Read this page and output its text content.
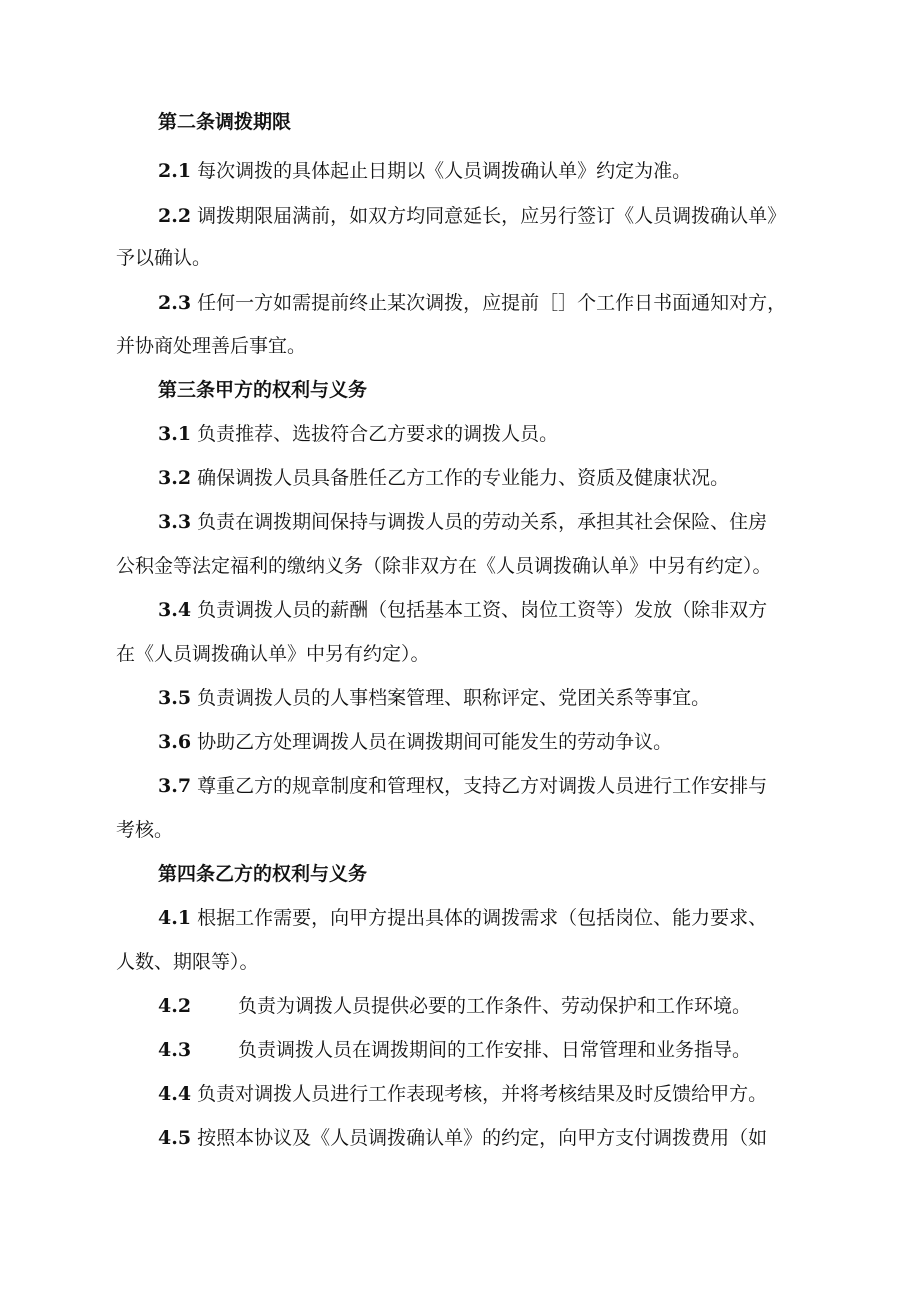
第二条调拨期限
2.1 每次调拨的具体起止日期以《人员调拨确认单》约定为准。
2.2 调拨期限届满前，如双方均同意延长，应另行签订《人员调拨确认单》
予以确认。
2.3 任何一方如需提前终止某次调拨，应提前［］个工作日书面通知对方，
并协商处理善后事宜。
第三条甲方的权利与义务
3.1 负责推荐、选拔符合乙方要求的调拨人员。
3.2 确保调拨人员具备胜任乙方工作的专业能力、资质及健康状况。
3.3 负责在调拨期间保持与调拨人员的劳动关系，承担其社会保险、住房
公积金等法定福利的缴纳义务（除非双方在《人员调拨确认单》中另有约定）。
3.4 负责调拨人员的薪酬（包括基本工资、岗位工资等）发放（除非双方
在《人员调拨确认单》中另有约定）。
3.5 负责调拨人员的人事档案管理、职称评定、党团关系等事宜。
3.6 协助乙方处理调拨人员在调拨期间可能发生的劳动争议。
3.7 尊重乙方的规章制度和管理权，支持乙方对调拨人员进行工作安排与
考核。
第四条乙方的权利与义务
4.1 根据工作需要，向甲方提出具体的调拨需求（包括岗位、能力要求、
人数、期限等）。
4.2 负责为调拨人员提供必要的工作条件、劳动保护和工作环境。
4.3 负责调拨人员在调拨期间的工作安排、日常管理和业务指导。
4.4 负责对调拨人员进行工作表现考核，并将考核结果及时反馈给甲方。
4.5 按照本协议及《人员调拨确认单》的约定，向甲方支付调拨费用（如
